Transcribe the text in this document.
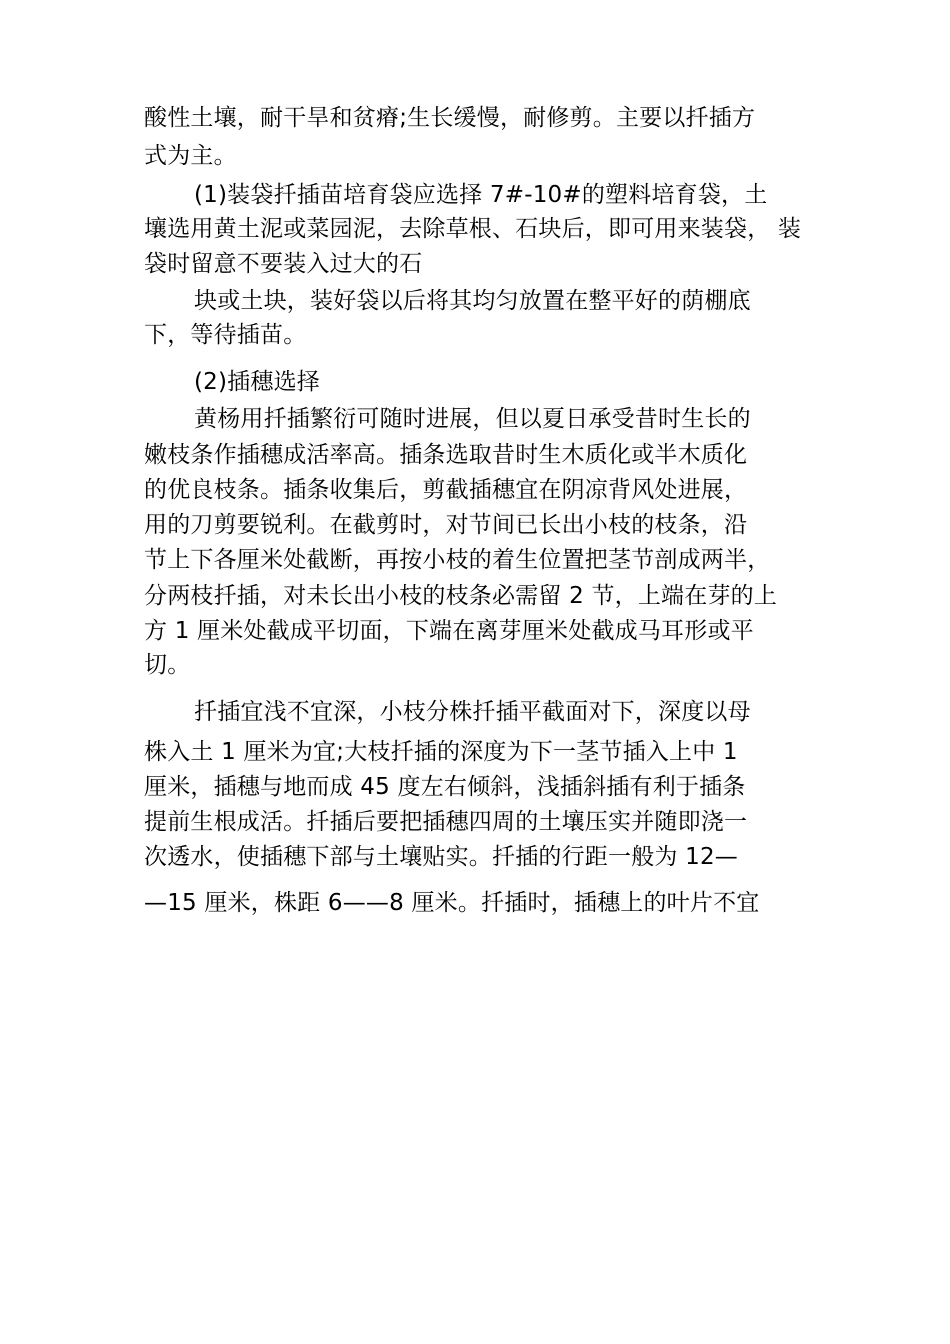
酸性土壤，耐干旱和贫瘠;生长缓慢，耐修剪。主要以扦插方

式为主。

(1)装袋扦插苗培育袋应选择 7#-10#的塑料培育袋，土

壤选用黄土泥或菜园泥，去除草根、石块后，即可用来装袋， 装

袋时留意不要装入过大的石

块或土块，装好袋以后将其均匀放置在整平好的荫棚底

下，等待插苗。

(2)插穗选择

黄杨用扦插繁衍可随时进展，但以夏日承受昔时生长的

嫩枝条作插穗成活率高。插条选取昔时生木质化或半木质化

的优良枝条。插条收集后，剪截插穗宜在阴凉背风处进展，

用的刀剪要锐利。在截剪时，对节间已长出小枝的枝条，沿

节上下各厘米处截断，再按小枝的着生位置把茎节剖成两半，

分两枝扦插，对未长出小枝的枝条必需留 2 节，上端在芽的上

方 1 厘米处截成平切面，下端在离芽厘米处截成马耳形或平

切。

扦插宜浅不宜深，小枝分株扦插平截面对下，深度以母

株入土 1 厘米为宜;大枝扦插的深度为下一茎节插入上中 1

厘米，插穗与地而成 45 度左右倾斜，浅插斜插有利于插条

提前生根成活。扦插后要把插穗四周的土壤压实并随即浇一

次透水，使插穗下部与土壤贴实。扦插的行距一般为 12—

—15 厘米，株距 6——8 厘米。扦插时，插穗上的叶片不宜
